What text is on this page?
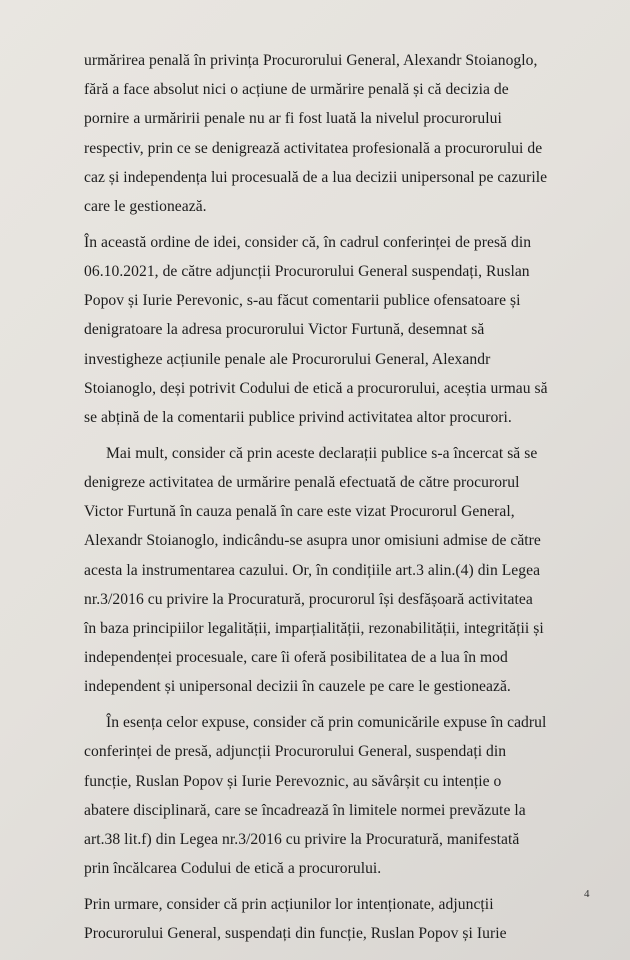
urmărirea penală în privința Procurorului General, Alexandr Stoianoglo,
fără a face absolut nici o acțiune de urmărire penală și că decizia de
pornire a urmăririi penale nu ar fi fost luată la nivelul procurorului
respectiv, prin ce se denigrează activitatea profesională a procurorului de
caz și independența lui procesuală de a lua decizii unipersonal pe cazurile
care le gestionează.

În această ordine de idei, consider că, în cadrul conferinței de presă din
06.10.2021, de către adjuncții Procurorului General suspendați, Ruslan
Popov și Iurie Perevonic, s-au făcut comentarii publice ofensatoare și
denigratoare la adresa procurorului Victor Furtună, desemnat să
investigheze acțiunile penale ale Procurorului General, Alexandr
Stoianoglo, deși potrivit Codului de etică a procurorului, aceștia urmau să
se abțină de la comentarii publice privind activitatea altor procurori.

Mai mult, consider că prin aceste declarații publice s-a încercat să se
denigreze activitatea de urmărire penală efectuată de către procurorul
Victor Furtună în cauza penală în care este vizat Procurorul General,
Alexandr Stoianoglo, indicându-se asupra unor omisiuni admise de către
acesta la instrumentarea cazului. Or, în condițiile art.3 alin.(4) din Legea
nr.3/2016 cu privire la Procuratură, procurorul își desfășoară activitatea
în baza principiilor legalității, imparțialității, rezonabilității, integrității și
independenței procesuale, care îi oferă posibilitatea de a lua în mod
independent și unipersonal decizii în cauzele pe care le gestionează.

În esența celor expuse, consider că prin comunicările expuse în cadrul
conferinței de presă, adjuncții Procurorului General, suspendați din
funcție, Ruslan Popov și Iurie Perevoznic, au săvârșit cu intenție o
abatere disciplinară, care se încadrează în limitele normei prevăzute la
art.38 lit.f) din Legea nr.3/2016 cu privire la Procuratură, manifestată
prin încălcarea Codului de etică a procurorului.

Prin urmare, consider că prin acțiunilor lor intenționate, adjuncții
Procurorului General, suspendați din funcție, Ruslan Popov și Iurie

4
